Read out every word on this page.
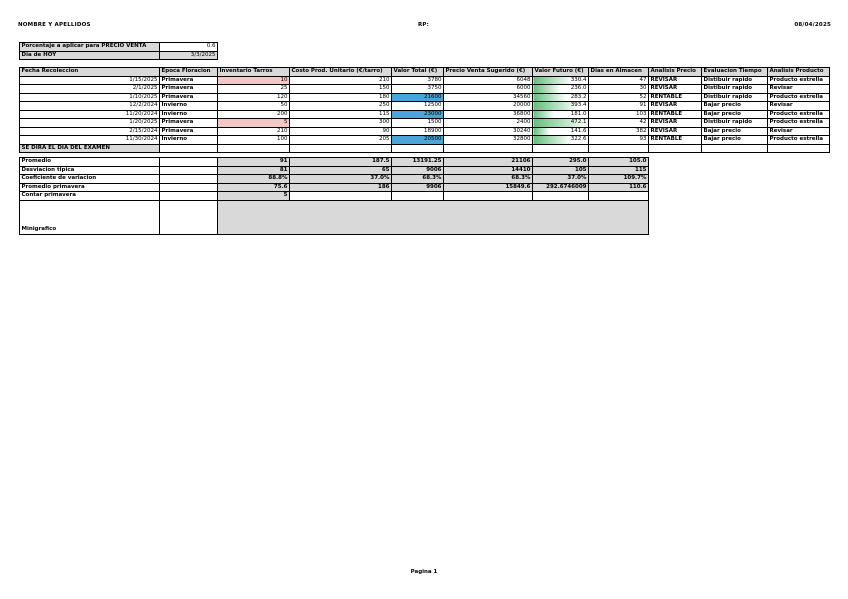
NOMBRE Y APELLIDOS	RP:	08/04/2025
Porcentaje a aplicar para PRECIO VENTA	0.6
Dia de HOY	3/3/2025
Fecha Recoleccion	Epoca Floracion	Inventario Tarros	Costo Prod. Unitario (€/tarro)	Valor Total (€)	Precio Venta Sugerido (€)	Valor Futuro (€)	Dias en Almacen	Analisis Precio	Evaluacion Tiempo	Analisis Producto
1/15/2025	Primavera	10	210	3780	6048	330.4	47	REVISAR	Distibuir rapido	Producto estrella
2/1/2025	Primavera	25	150	3750	6000	236.0	30	REVISAR	Distibuir rapido	Revisar
1/10/2025	Primavera	120	180	21600	34560	283.2	52	RENTABLE	Distibuir rapido	Producto estrella
12/2/2024	Invierno	50	250	12500	20000	393.4	91	REVISAR	Bajar precio	Revisar
11/20/2024	Invierno	200	115	23000	36800	181.0	103	RENTABLE	Bajar precio	Producto estrella
1/20/2025	Primavera	5	300	1500	2400	472.1	42	REVISAR	Distibuir rapido	Producto estrella
2/15/2024	Primavera	210	90	18900	30240	141.6	382	REVISAR	Bajar precio	Revisar
11/30/2024	Invierno	100	205	20500	32800	322.6	93	RENTABLE	Bajar precio	Producto estrella
SE DIRÁ EL DÍA DEL EXAMEN										

Promedio		91	187.5	13191.25	21106	295.0	105.0			
Desviacion tipica		81	65	9006	14410	105	115			
Coeficiente de variacion		88.8%	37.0%	68.3%	68.3%	37.0%	109.7%			
Promedio primavera		75.6	186	9906	15849.6	292.6746009	110.6			
Contar primavera		5								
Minigrafico										
Pagina 1
